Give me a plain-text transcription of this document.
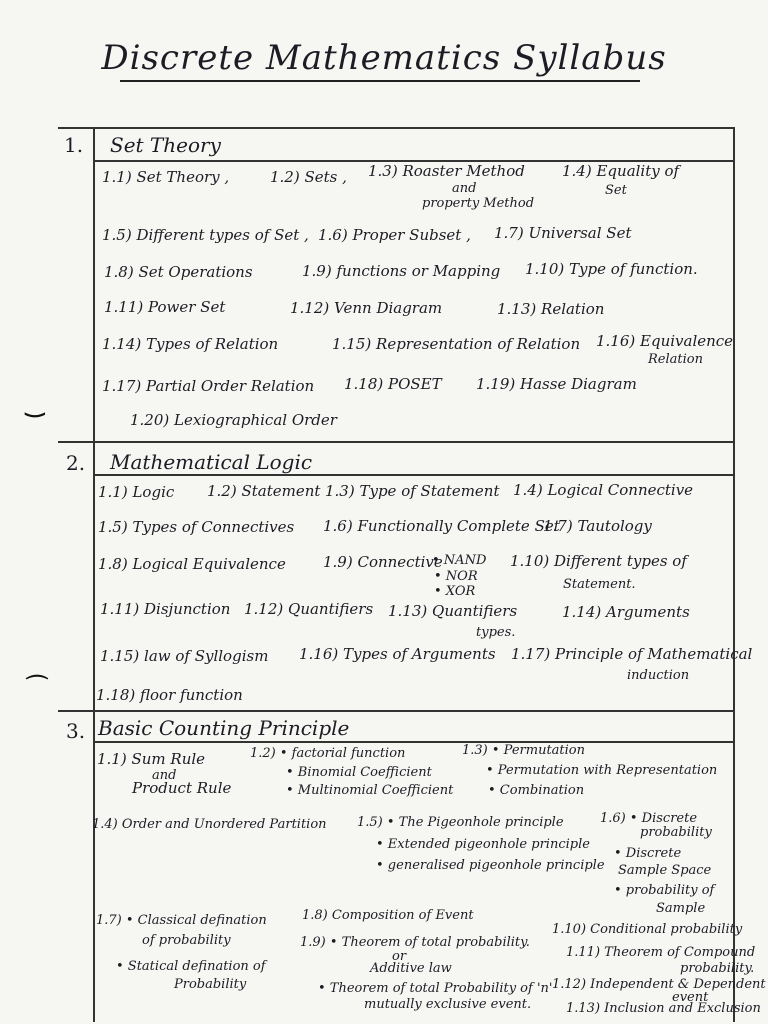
Discrete Mathematics Syllabus
‿
⌒
1. Set Theory
1.1) Set Theory ,	1.2) Sets , 1.3) Roaster Method
and
property Method
1.4) Equality of
Set
1.5) Different types of Set , 1.6) Proper Subset , 1.7) Universal Set
1.8) Set Operations	1.9) functions or Mapping 1.10) Type of function.
1.11) Power Set	1.12) Venn Diagram	1.13) Relation
1.14) Types of Relation	1.15) Representation of Relation 1.16) Equivalence
Relation
1.17) Partial Order Relation 1.18) POSET 1.19) Hasse Diagram
1.20) Lexiographical Order
2. Mathematical Logic
1.1) Logic 1.2) Statement 1.3) Type of Statement 1.4) Logical Connective
1.5) Types of Connectives 1.6) Functionally Complete Set
1.7) Tautology
1.8) Logical Equivalence 1.9) Connective
• NAND
• NOR
• XOR
1.10) Different types of
Statement.
1.11) Disjunction 1.12) Quantifiers 1.13) Quantifiers
types.
1.14) Arguments
1.15) law of Syllogism 1.16) Types of Arguments 1.17) Principle of Mathematical
induction
1.18) floor function
3. Basic Counting Principle
1.1) Sum Rule
and
Product Rule
1.2) • factorial function
• Binomial Coefficient
• Multinomial Coefficient
1.3) • Permutation
• Permutation with Representation
• Combination
1.4) Order and Unordered Partition 1.5) • The Pigeonhole principle
• Extended pigeonhole principle
• generalised pigeonhole principle
1.6) • Discrete
probability
• Discrete
Sample Space
• probability of
Sample
1.7) • Classical defination
of probability
• Statical defination of
Probability
1.8) Composition of Event
1.9) • Theorem of total probability.
or
Additive law
• Theorem of total Probability of 'n'
mutually exclusive event.
1.10) Conditional probability
1.11) Theorem of Compound
probability.
1.12) Independent & Dependent
event
1.13) Inclusion and Exclusion
